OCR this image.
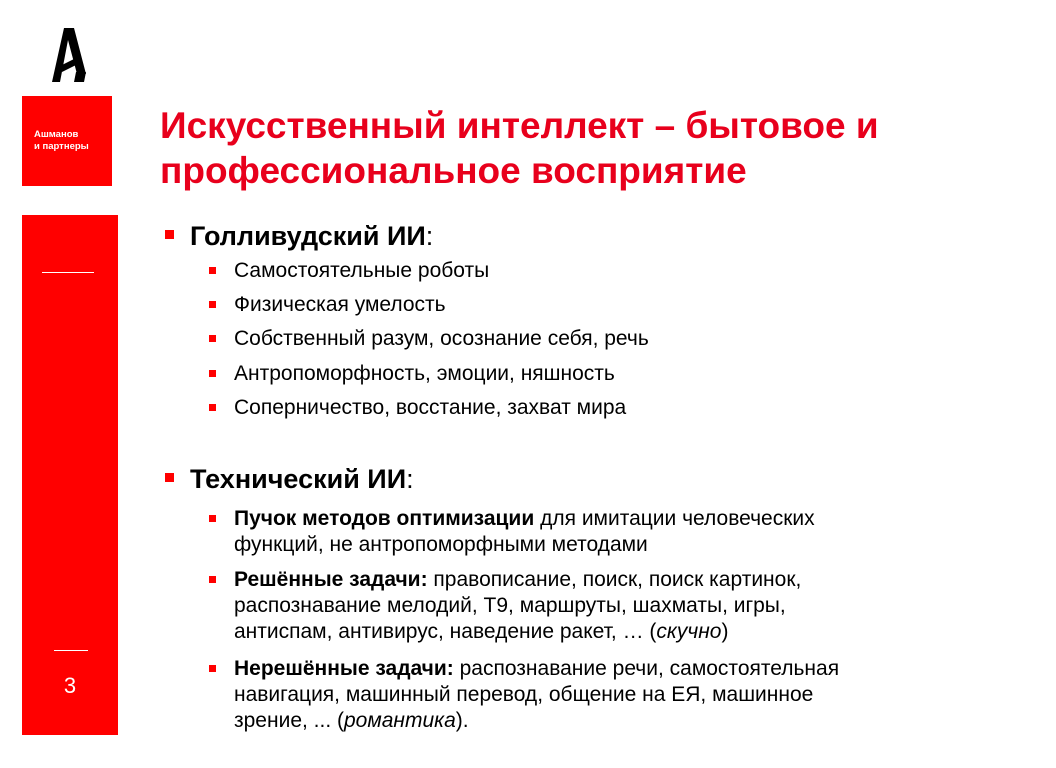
Ашманов
и партнеры
3
Искусственный интеллект – бытовое и
профессиональное восприятие
Голливудский ИИ:
Самостоятельные роботы
Физическая умелость
Собственный разум, осознание себя, речь
Антропоморфность, эмоции, няшность
Соперничество, восстание, захват мира
Технический ИИ:
Пучок методов оптимизации для имитации человеческих
функций, не антропоморфными методами
Решённые задачи: правописание, поиск, поиск картинок,
распознавание мелодий, Т9, маршруты, шахматы, игры,
антиспам, антивирус, наведение ракет, … (скучно)
Нерешённые задачи: распознавание речи, самостоятельная
навигация, машинный перевод, общение на ЕЯ, машинное
зрение, ... (романтика).
